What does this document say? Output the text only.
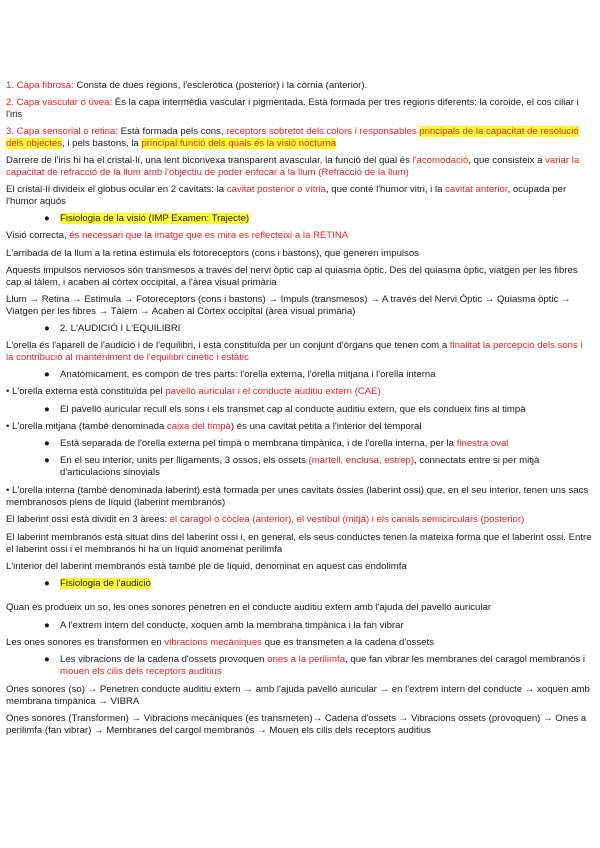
1. Capa fibrosa: Consta de dues regions, l'escleròtica (posterior) i la còrnia (anterior).

2. Capa vascular o úvea: És la capa intermèdia vascular i pigmentada. Està formada per tres regions diferents: la coroide, el cos ciliar i l'iris

3. Capa sensorial o retina: Està formada pels cons, receptors sobretot dels colors i responsables principals de la capacitat de resolució dels objectes, i pels bastons, la principal funció dels quals és la visió nocturna

Darrere de l'iris hi ha el cristal·lí, una lent biconvexa transparent avascular, la funció del qual és l'acomodació, que consisteix a variar la capacitat de refracció de la llum amb l'objectiu de poder enfocar a la llum (Refracció de la llum)

El cristal·lí divideix el globus ocular en 2 cavitats: la cavitat posterior o vítria, que conté l'humor vitri, i la cavitat anterior, ocupada per l'humor aquós

● Fisiologia de la visió (IMP Examen: Trajecte)

Visió correcta, és necessari que la imatge que es mira es reflecteixi a la RETINA

L'arribada de la llum a la retina estimula els fotoreceptors (cons i bastons), que generen impulsos

Aquests impulsos nerviosos són transmesos a través del nervi òptic cap al quiasma òptic. Des del quiasma òptic, viatgen per les fibres cap al tàlem, i acaben al còrtex occipital, a l'àrea visual primària

Llum → Retina → Estimula → Fotoreceptors (cons i bastons) → Impuls (transmesos) → A través del Nervi Òptic → Quiasma òptic → Viatgen per les fibres → Tàlem → Acaben al Còrtex occipital (àrea visual primària)

● 2. L'AUDICIÓ I L'EQUILIBRI

L'orella és l'aparell de l'audició i de l'equilibri, i està constituïda per un conjunt d'òrgans que tenen com a finalitat la percepció dels sons i la contribució al manteniment de l'equilibri cinètic i estàtic

● Anatòmicament, es compon de tres parts: l'orella externa, l'orella mitjana i l'orella interna

• L'orella externa està constituïda pel pavelló auricular i el conducte auditiu extern (CAE)

● El pavelló auricular recull els sons i els transmet cap al conducte auditiu extern, que els condueix fins al timpà

• L'orella mitjana (també denominada caixa del timpà) és una cavitat petita a l'interior del temporal

● Està separada de l'orella externa pel timpà o membrana timpànica, i de l'orella interna, per la finestra oval

● En el seu interior, units per lligaments, 3 ossos, els ossets (martell, enclusa, estrep), connectats entre si per mitjà d'articulacions sinovials

• L'orella interna (també denominada laberint) està formada per unes cavitats òssies (laberint ossi) que, en el seu interior, tenen uns sacs membranosos plens de líquid (laberint membranós)

El laberint ossi està dividit en 3 àrees: el caragol o còclea (anterior), el vestíbul (mitjà) i els canals semicirculars (posterior)

El laberint membranós està situat dins del laberint ossi i, en general, els seus conductes tenen la mateixa forma que el laberint ossi. Entre el laberint ossi i el membranós hi ha un líquid anomenat perilimfa

L'interior del laberint membranós està també ple de líquid, denominat en aquest cas endolimfa

● Fisiologia de l'audició

Quan es produeix un so, les ones sonores penetren en el conducte auditiu extern amb l'ajuda del pavelló auricular

● A l'extrem intern del conducte, xoquen amb la membrana timpànica i la fan vibrar

Les ones sonores es transformen en vibracions mecàniques que es transmeten a la cadena d'ossets

● Les vibracions de la cadena d'ossets provoquen ones a la perilimfa, que fan vibrar les membranes del caragol membranós i mouen els cilis dels receptors auditius

Ones sonores (so) → Penetren conducte auditiu extern → amb l'ajuda pavelló auricular → en l'extrem intern del conducte → xoquen amb membrana timpànica → VIBRA

Ones sonores (Transformen) → Vibracions mecàniques (es transmeten)→ Cadena d'ossets → Vibracions ossets (provoquen) → Ones a perilimfa (fan vibrar) → Membranes del cargol membranós → Mouen els cilis dels receptors auditius
